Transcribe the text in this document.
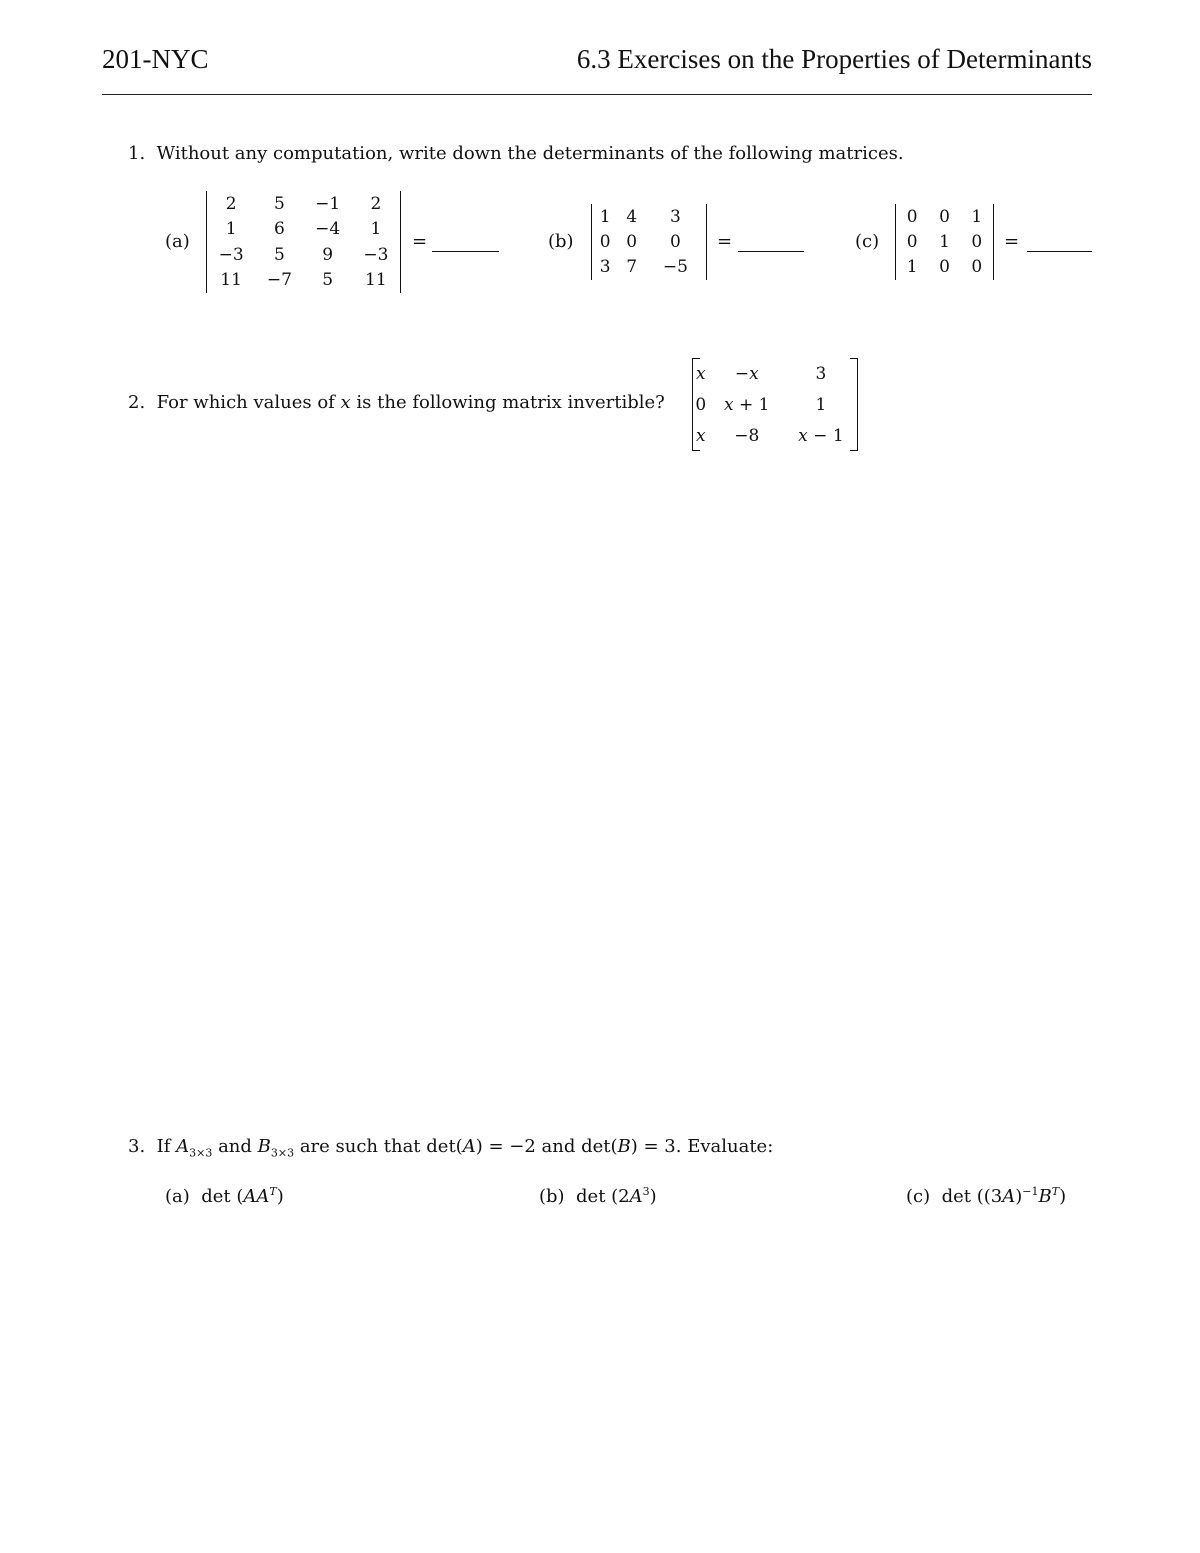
201-NYC	6.3 Exercises on the Properties of Determinants
1. Without any computation, write down the determinants of the following matrices.
(a)
2	5	−1	2
1	6	−4	1
−3	5	9	−3
11	−7	5	11
=	(b)
1	4	3
0	0	0
3	7	−5
=	(c)
0	0	1
0	1	0
1	0	0
=
2. For which values of x is the following matrix invertible?
x	−x	3
0	x + 1	1
x	−8	x − 1
3.  If $A_{3\times 3}$ and $B_{3\times 3}$ are such that det(A) = −2 and det(B) = 3. Evaluate:
(a) $\det (AA^T)$	(b) $\det (2A^3)$	(c) $\det ((3A)^{-1}B^T)$
